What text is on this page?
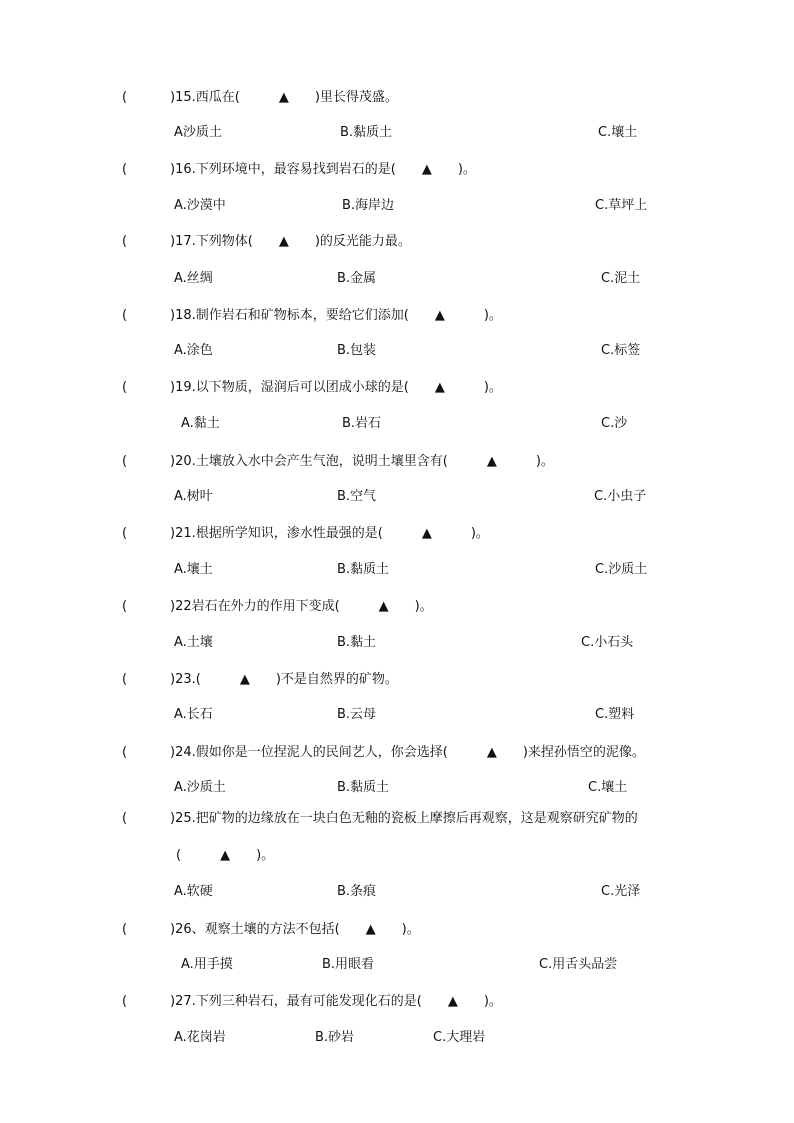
(	)15.西瓜在(　　　▲　　)里长得茂盛。
A沙质土	B.黏质土	C.壤土
(	)16.下列环境中，最容易找到岩石的是(　　▲　　)。
A.沙漠中	B.海岸边	C.草坪上
(	)17.下列物体(　　▲　　)的反光能力最。
A.丝绸	B.金属	C.泥土
(	)18.制作岩石和矿物标本，要给它们添加(　　▲　　　)。
A.涂色	B.包装	C.标签
(	)19.以下物质，湿润后可以团成小球的是(　　▲　　　)。
A.黏土	B.岩石	C.沙
(	)20.土壤放入水中会产生气泡，说明土壤里含有(　　　▲　　　)。
A.树叶	B.空气	C.小虫子
(	)21.根据所学知识，渗水性最强的是(　　　▲　　　)。
A.壤土	B.黏质土	C.沙质土
(	)22岩石在外力的作用下变成(　　　▲　　)。
A.土壤	B.黏土	C.小石头
(	)23.(　　　▲　　)不是自然界的矿物。
A.长石	B.云母	C.塑料
(	)24.假如你是一位捏泥人的民间艺人，你会选择(　　　▲　　)来捏孙悟空的泥像。
A.沙质土	B.黏质土	C.壤土
(	)25.把矿物的边缘放在一块白色无釉的瓷板上摩擦后再观察，这是观察研究矿物的
(　　　▲　　)。
A.软硬	B.条痕	C.光泽
(	)26、观察土壤的方法不包括(　　▲　　)。
A.用手摸	B.用眼看	C.用舌头品尝
(	)27.下列三种岩石，最有可能发现化石的是(　　▲　　)。
A.花岗岩	B.砂岩	C.大理岩
